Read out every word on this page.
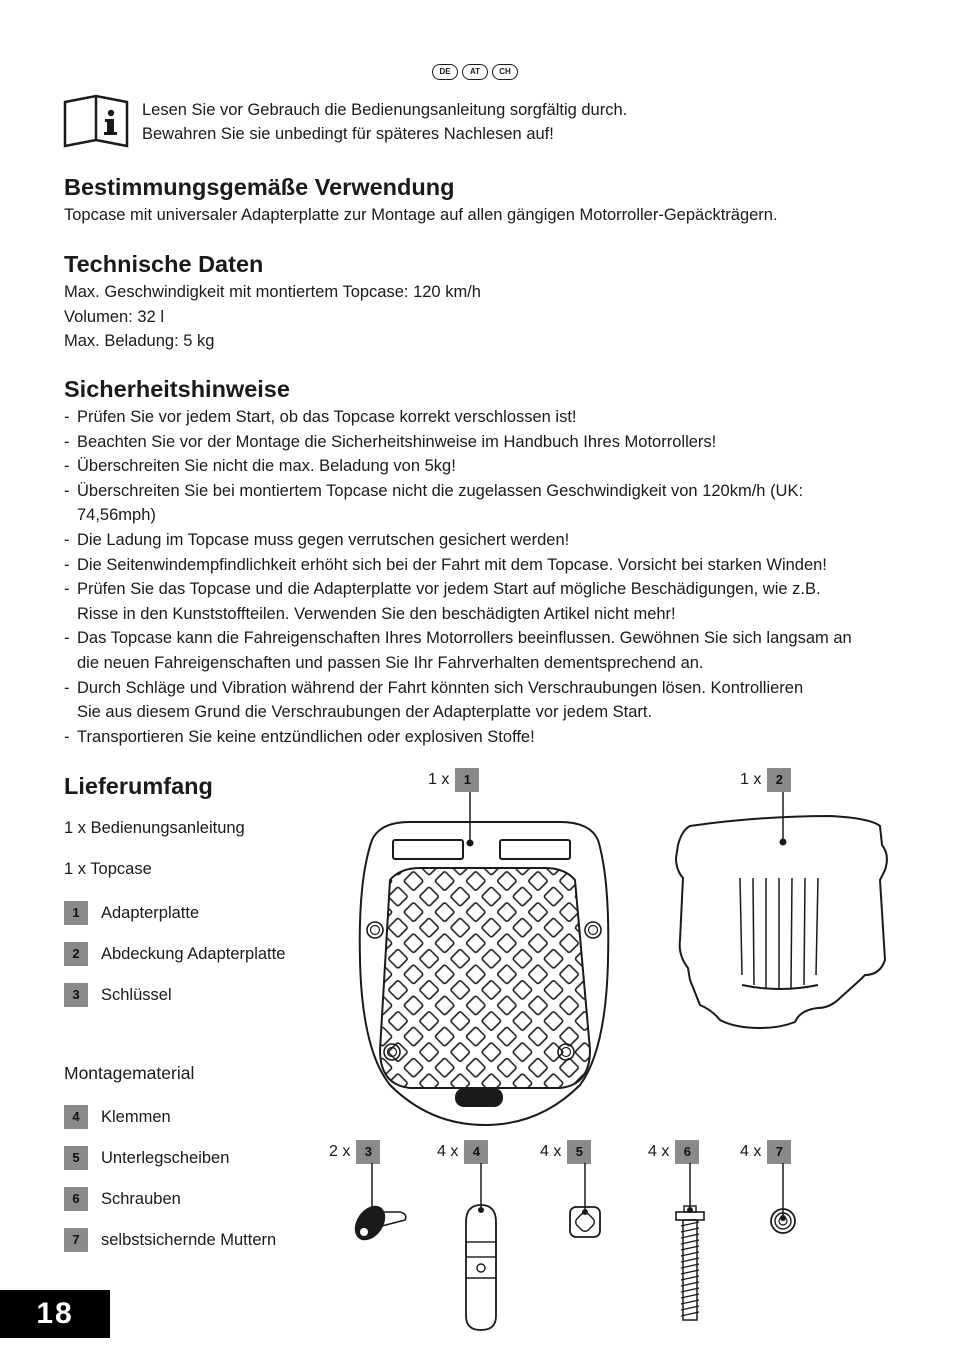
DE	AT	CH
Lesen Sie vor Gebrauch die Bedienungsanleitung sorgfältig durch.
Bewahren Sie sie unbedingt für späteres Nachlesen auf!
Bestimmungsgemäße Verwendung
Topcase mit universaler Adapterplatte zur Montage auf allen gängigen Motorroller-Gepäckträgern.
Technische Daten
Max. Geschwindigkeit mit montiertem Topcase: 120 km/h
Volumen: 32 l
Max. Beladung: 5 kg
Sicherheitshinweise
- Prüfen Sie vor jedem Start, ob das Topcase korrekt verschlossen ist!
- Beachten Sie vor der Montage die Sicherheitshinweise im Handbuch Ihres Motorrollers!
- Überschreiten Sie nicht die max. Beladung von 5kg!
- Überschreiten Sie bei montiertem Topcase nicht die zugelassen Geschwindigkeit von 120km/h (UK: 74,56mph)
- Die Ladung im Topcase muss gegen verrutschen gesichert werden!
- Die Seitenwindempfindlichkeit erhöht sich bei der Fahrt mit dem Topcase. Vorsicht bei starken Winden!
- Prüfen Sie das Topcase und die Adapterplatte vor jedem Start auf mögliche Beschädigungen, wie z.B. Risse in den Kunststoffteilen. Verwenden Sie den beschädigten Artikel nicht mehr!
- Das Topcase kann die Fahreigenschaften Ihres Motorrollers beeinflussen. Gewöhnen Sie sich langsam an die neuen Fahreigenschaften und passen Sie Ihr Fahrverhalten dementsprechend an.
- Durch Schläge und Vibration während der Fahrt könnten sich Verschraubungen lösen. Kontrollieren Sie aus diesem Grund die Verschraubungen der Adapterplatte vor jedem Start.
- Transportieren Sie keine entzündlichen oder explosiven Stoffe!
Lieferumfang
1 x Bedienungsanleitung
1 x Topcase
1	Adapterplatte
2	Abdeckung Adapterplatte
3	Schlüssel
Montagematerial
4	Klemmen
5	Unterlegscheiben
6	Schrauben
7	selbstsichernde Muttern
1 x	1	1 x	2
2 x	3	4 x	4	4 x	5	4 x	6	4 x	7
18
